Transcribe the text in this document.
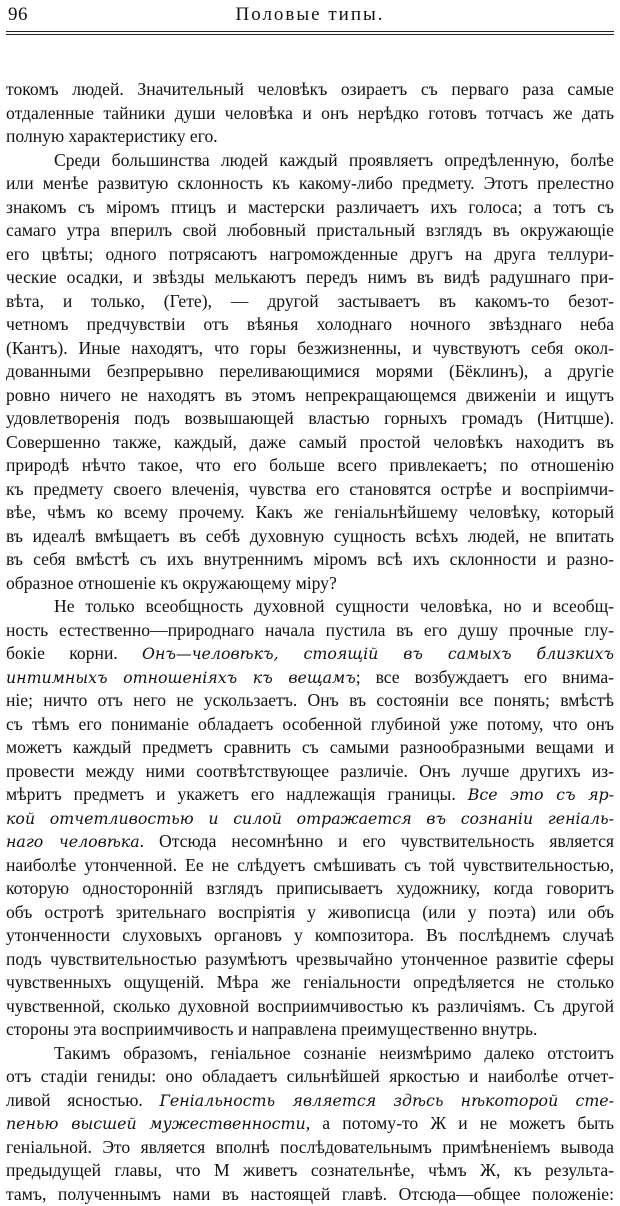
96	Половые типы.
токомъ людей. Значительный человѣкъ озираетъ съ перваго раза самые
отдаленные тайники души человѣка и онъ нерѣдко готовъ тотчасъ же дать
полную характеристику его.
Среди большинства людей каждый проявляетъ опредѣленную, болѣе
или менѣе развитую склонность къ какому-либо предмету. Этотъ прелестно
знакомъ съ міромъ птицъ и мастерски различаетъ ихъ голоса; а тотъ съ
самаго утра вперилъ свой любовный пристальный взглядъ въ окружающіе
его цвѣты; одного потрясаютъ нагроможденные другъ на друга теллури-
ческие осадки, и звѣзды мелькаютъ передъ нимъ въ видѣ радушнаго при-
вѣта, и только, (Гете), — другой застываетъ въ какомъ-то безот-
четномъ предчувствіи отъ вѣянья холоднаго ночного звѣзднаго неба
(Кантъ). Иные находятъ, что горы безжизненны, и чувствуютъ себя окол-
дованными безпрерывно переливающимися морями (Бёклинъ), а другіе
ровно ничего не находятъ въ этомъ непрекращающемся движеніи и ищутъ
удовлетворенія подъ возвышающей властью горныхъ громадъ (Нитцше).
Совершенно также, каждый, даже самый простой человѣкъ находитъ въ
природѣ нѣчто такое, что его больше всего привлекаетъ; по отношенію
къ предмету своего влеченія, чувства его становятся острѣе и воспріимчи-
вѣе, чѣмъ ко всему прочему. Какъ же геніальнѣйшему человѣку, который
въ идеалѣ вмѣщаетъ въ себѣ духовную сущность всѣхъ людей, не впитать
въ себя вмѣстѣ съ ихъ внутреннимъ міромъ всѣ ихъ склонности и разно-
образное отношеніе къ окружающему міру?
Не только всеобщность духовной сущности человѣка, но и всеобщ-
ность естественно—природнаго начала пустила въ его душу прочные глу-
бокіе корни. Онъ—человѣкъ, стоящій въ самыхъ близкихъ
интимныхъ отношеніяхъ къ вещамъ; все возбуждаетъ его внима-
ніе; ничто отъ него не ускользаетъ. Онъ въ состояніи все понять; вмѣстѣ
съ тѣмъ его пониманіе обладаетъ особенной глубиной уже потому, что онъ
можетъ каждый предметъ сравнить съ самыми разнообразными вещами и
провести между ними соотвѣтствующее различіе. Онъ лучше другихъ из-
мѣритъ предметъ и укажетъ его надлежащія границы. Все это съ яр-
кой отчетливостью и силой отражается въ сознаніи геніаль-
наго человѣка. Отсюда несомнѣнно и его чувствительность является
наиболѣе утонченной. Ее не слѣдуетъ смѣшивать съ той чувствительностью,
которую односторонній взглядъ приписываетъ художнику, когда говоритъ
объ остротѣ зрительнаго воспріятія у живописца (или у поэта) или объ
утонченности слуховыхъ органовъ у композитора. Въ послѣднемъ случаѣ
подъ чувствительностью разумѣютъ чрезвычайно утонченное развитіе сферы
чувственныхъ ощущеній. Мѣра же геніальности опредѣляется не столько
чувственной, сколько духовной восприимчивостью къ различіямъ. Съ другой
стороны эта восприимчивость и направлена преимущественно внутрь.
Такимъ образомъ, геніальное сознаніе неизмѣримо далеко отстоитъ
отъ стадіи гениды: оно обладаетъ сильнѣйшей яркостью и наиболѣе отчет-
ливой ясностью. Геніальность является здѣсь нѣкоторой сте-
пенью высшей мужественности, а потому-то Ж и не можетъ быть
геніальной. Это является вполнѣ послѣдовательнымъ примѣненіемъ вывода
предыдущей главы, что М живетъ сознательнѣе, чѣмъ Ж, къ результа-
тамъ, полученнымъ нами въ настоящей главѣ. Отсюда—общее положеніе:
